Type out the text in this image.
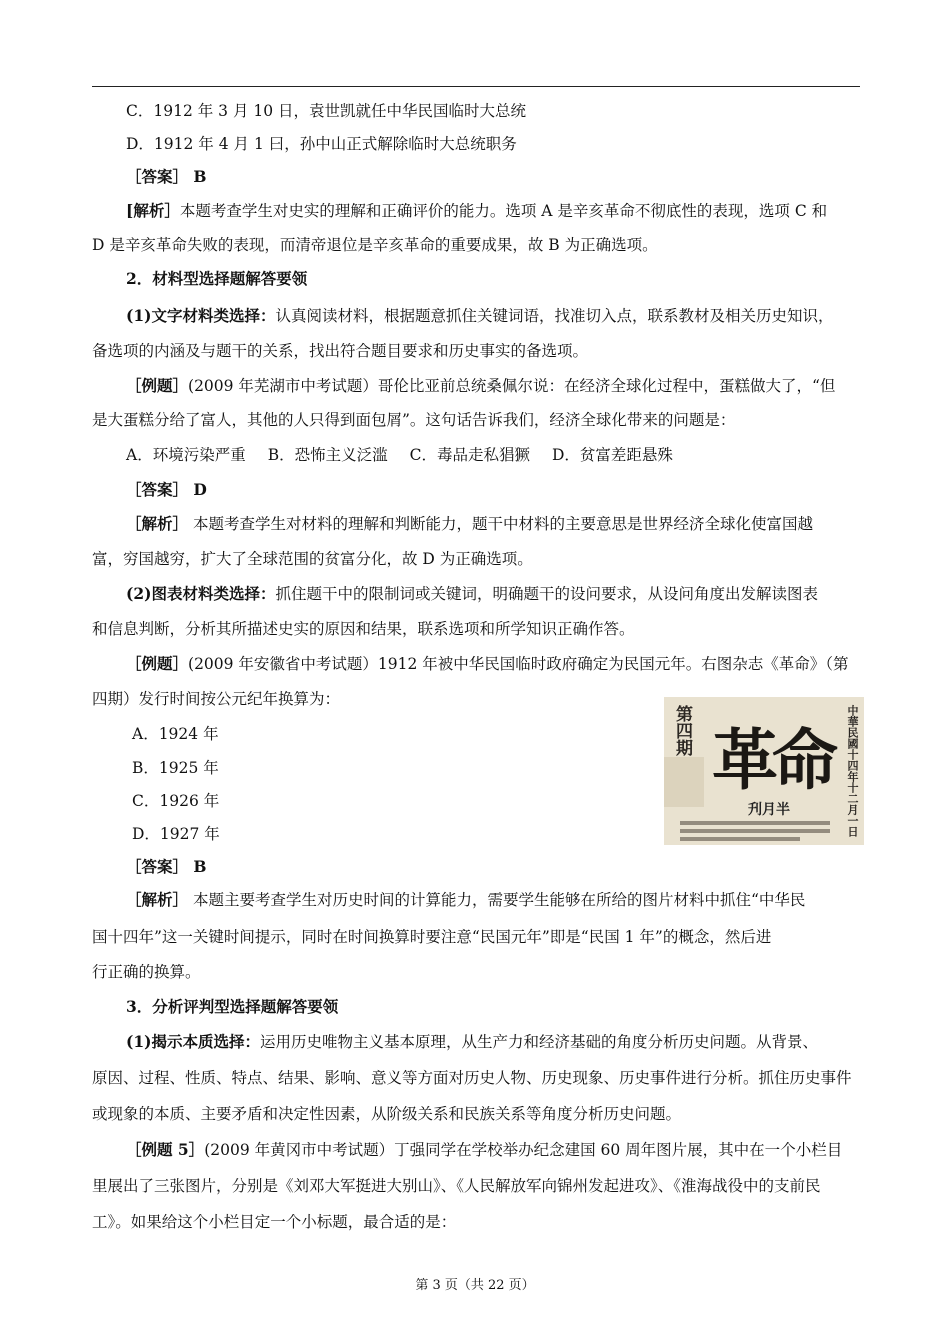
C．1912 年 3 月 10 日，袁世凯就任中华民国临时大总统
D．1912 年 4 月 1 曰，孙中山正式解除临时大总统职务
［答案］ B
[解析］本题考查学生对史实的理解和正确评价的能力。选项 A 是辛亥革命不彻底性的表现，选项 C 和
D 是辛亥革命失败的表现，而清帝退位是辛亥革命的重要成果，故 B 为正确选项。
2．材料型选择题解答要领
(1)文字材料类选择：认真阅读材料，根据题意抓住关键词语，找准切入点，联系教材及相关历史知识，
备选项的内涵及与题干的关系，找出符合题目要求和历史事实的备选项。
［例题］(2009 年芜湖市中考试题）哥伦比亚前总统桑佩尔说：在经济全球化过程中，蛋糕做大了，“但
是大蛋糕分给了富人，其他的人只得到面包屑”。这句话告诉我们，经济全球化带来的问题是：
A．环境污染严重 B．恐怖主义泛滥 C．毒品走私猖獗 D．贫富差距悬殊
［答案］ D
［解析］ 本题考查学生对材料的理解和判断能力，题干中材料的主要意思是世界经济全球化使富国越
富，穷国越穷，扩大了全球范围的贫富分化，故 D 为正确选项。
(2)图表材料类选择：抓住题干中的限制词或关键词，明确题干的设问要求，从设问角度出发解读图表
和信息判断，分析其所描述史实的原因和结果，联系选项和所学知识正确作答。
［例题］(2009 年安徽省中考试题）1912 年被中华民国临时政府确定为民国元年。右图杂志《革命》（第
四期）发行时间按公元纪年换算为：
A．1924 年
B．1925 年
C．1926 年
D．1927 年
［答案］ B
第四期 革命 中華民國十四年十二月一日
刋月半
［解析］ 本题主要考查学生对历史时间的计算能力，需要学生能够在所给的图片材料中抓住“中华民
国十四年”这一关键时间提示，同时在时间换算时要注意“民国元年”即是“民国 1 年”的概念，然后进
行正确的换算。
3．分析评判型选择题解答要领
(1)揭示本质选择：运用历史唯物主义基本原理，从生产力和经济基础的角度分析历史问题。从背景、
原因、过程、性质、特点、结果、影响、意义等方面对历史人物、历史现象、历史事件进行分析。抓住历史事件
或现象的本质、主要矛盾和决定性因素，从阶级关系和民族关系等角度分析历史问题。
［例题 5］(2009 年黄冈市中考试题）丁强同学在学校举办纪念建国 60 周年图片展，其中在一个小栏目
里展出了三张图片，分别是《刘邓大军挺进大别山》、《人民解放军向锦州发起进攻》、《淮海战役中的支前民
工》。如果给这个小栏目定一个小标题，最合适的是：
第 3 页（共 22 页）
